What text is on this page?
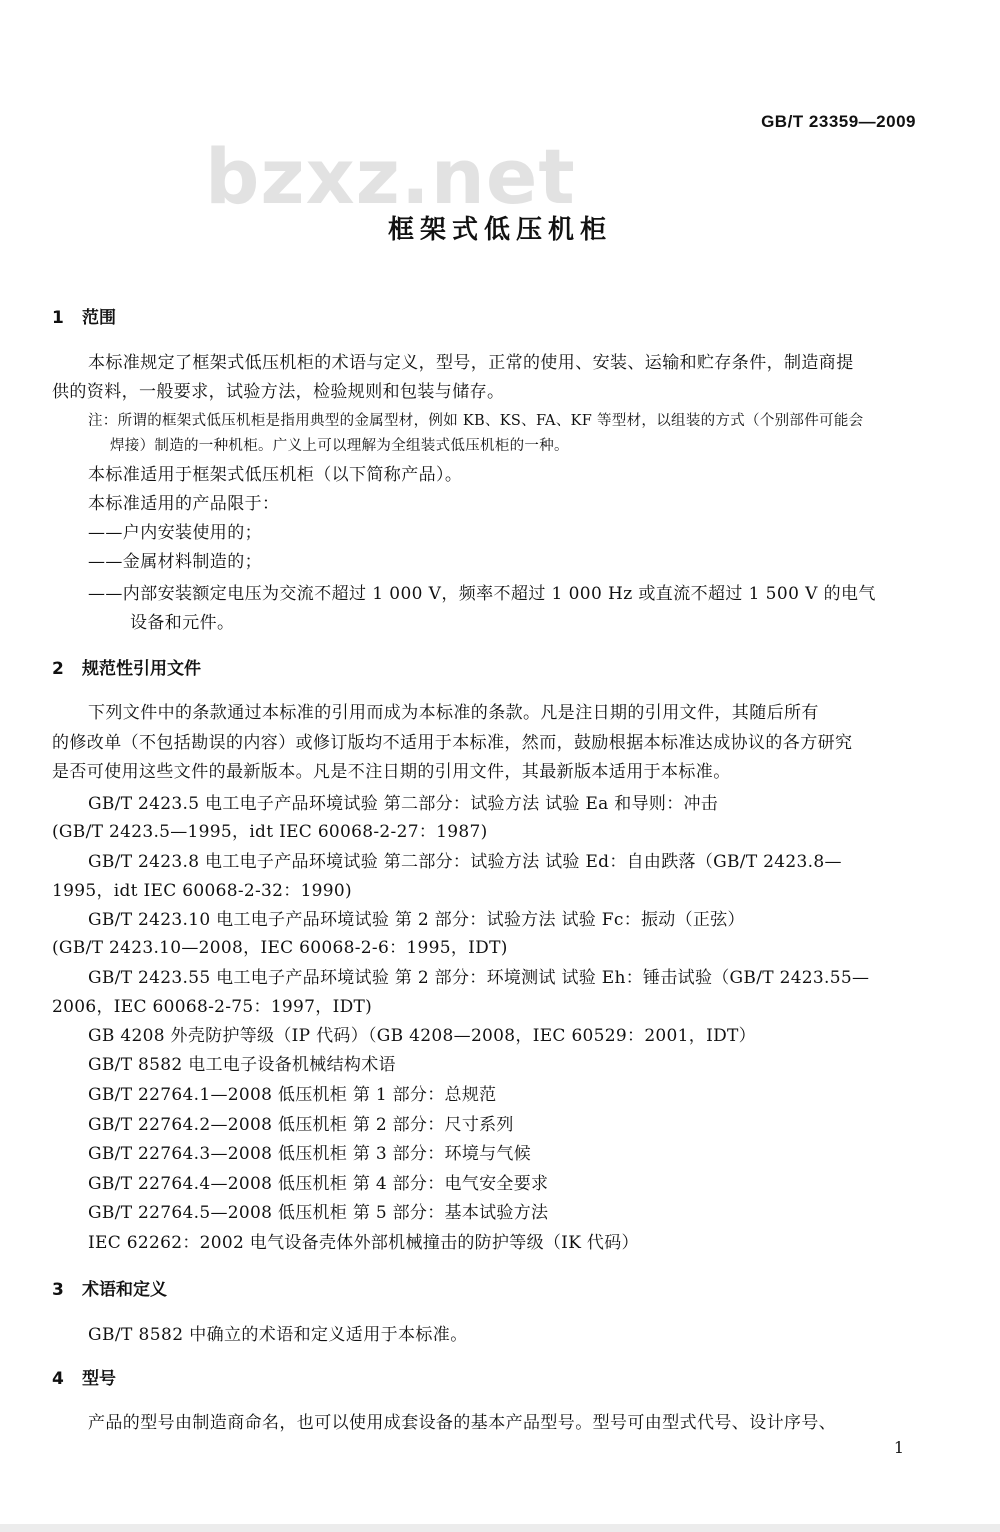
GB/T 23359—2009
bzxz.net
框架式低压机柜
1 范围
本标准规定了框架式低压机柜的术语与定义，型号，正常的使用、安装、运输和贮存条件，制造商提
供的资料，一般要求，试验方法，检验规则和包装与储存。
注：所谓的框架式低压机柜是指用典型的金属型材，例如 KB、KS、FA、KF 等型材，以组装的方式（个别部件可能会
焊接）制造的一种机柜。广义上可以理解为全组装式低压机柜的一种。
本标准适用于框架式低压机柜（以下简称产品）。
本标准适用的产品限于：
——户内安装使用的；
——金属材料制造的；
——内部安装额定电压为交流不超过 1 000 V，频率不超过 1 000 Hz 或直流不超过 1 500 V 的电气
设备和元件。
2 规范性引用文件
下列文件中的条款通过本标准的引用而成为本标准的条款。凡是注日期的引用文件，其随后所有
的修改单（不包括勘误的内容）或修订版均不适用于本标准，然而，鼓励根据本标准达成协议的各方研究
是否可使用这些文件的最新版本。凡是不注日期的引用文件，其最新版本适用于本标准。
GB/T 2423.5 电工电子产品环境试验 第二部分：试验方法 试验 Ea 和导则：冲击
(GB/T 2423.5—1995，idt IEC 60068-2-27：1987)
GB/T 2423.8 电工电子产品环境试验 第二部分：试验方法 试验 Ed：自由跌落（GB/T 2423.8—
1995，idt IEC 60068-2-32：1990)
GB/T 2423.10 电工电子产品环境试验 第 2 部分：试验方法 试验 Fc：振动（正弦）
(GB/T 2423.10—2008，IEC 60068-2-6：1995，IDT)
GB/T 2423.55 电工电子产品环境试验 第 2 部分：环境测试 试验 Eh：锤击试验（GB/T 2423.55—
2006，IEC 60068-2-75：1997，IDT)
GB 4208 外壳防护等级（IP 代码）（GB 4208—2008，IEC 60529：2001，IDT）
GB/T 8582 电工电子设备机械结构术语
GB/T 22764.1—2008 低压机柜 第 1 部分：总规范
GB/T 22764.2—2008 低压机柜 第 2 部分：尺寸系列
GB/T 22764.3—2008 低压机柜 第 3 部分：环境与气候
GB/T 22764.4—2008 低压机柜 第 4 部分：电气安全要求
GB/T 22764.5—2008 低压机柜 第 5 部分：基本试验方法
IEC 62262：2002 电气设备壳体外部机械撞击的防护等级（IK 代码）
3 术语和定义
GB/T 8582 中确立的术语和定义适用于本标准。
4 型号
产品的型号由制造商命名，也可以使用成套设备的基本产品型号。型号可由型式代号、设计序号、
1
